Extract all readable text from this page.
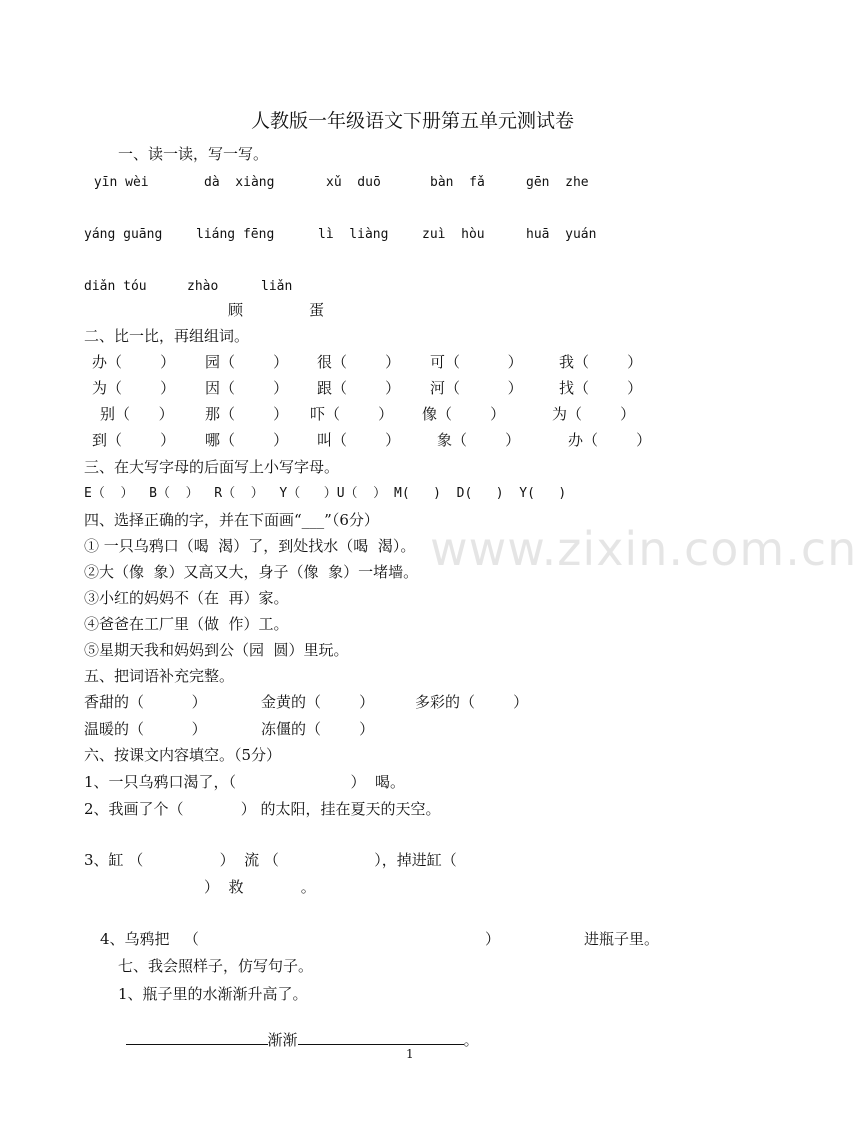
www.zixin.com.cn
人教版一年级语文下册第五单元测试卷
一、读一读，写一写。
yīn wèi	dà  xiàng	xǔ  duō	bàn  fǎ	gēn  zhe
yáng guāng	liáng fēng	lì  liàng	zuì  hòu	huā  yuán
diǎn tóu	zhào	liǎn
顾	蛋
二、比一比，再组组词。
办（        ） 园（        ） 很（        ） 可（          ） 我（        ）
为（        ） 因（        ） 跟（        ） 河（          ） 找（        ）
别（      ） 那（        ） 吓（        ） 像（        ）	为（        ）
到（        ） 哪（        ） 叫（        ） 象（        ）	办（        ）
三、在大写字母的后面写上小写字母。
E（  ）  B（  ）  R（  ）  Y（   ）U（  ） M(   )  D(   )  Y(   )
四、选择正确的字，并在下面画“___”（6分）
① 一只乌鸦口（喝  渴）了，到处找水（喝  渴）。
②大（像  象）又高又大，身子（像  象）一堵墙。
③小红的妈妈不（在  再）家。
④爸爸在工厂里（做  作）工。
⑤星期天我和妈妈到公（园  圆）里玩。
五、把词语补充完整。
香甜的（          ）	金黄的（        ）	多彩的（        ）
温暖的（          ）	冻僵的（        ）
六、按课文内容填空。（5分）
1、一只乌鸦口渴了，（                        ）  喝。
2、我画了个（            ） 的太阳，挂在夏天的天空。
3、缸 （                ）  流 （                    ），掉进缸（
）  救            。
4、乌鸦把   （	）	进瓶子里。
七、我会照样子，仿写句子。
1、瓶子里的水渐渐升高了。

渐渐	。

1
